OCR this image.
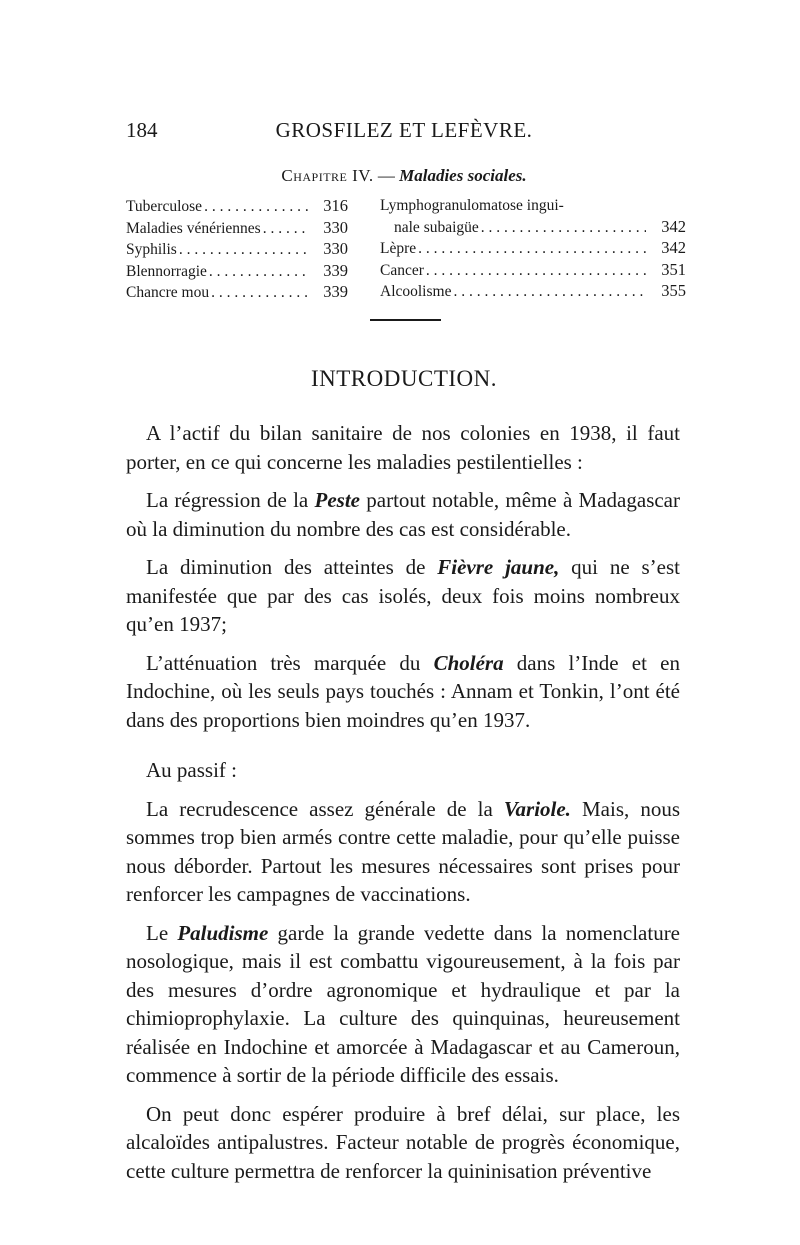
184	GROSFILEZ ET LEFÈVRE.
Chapitre IV. — Maladies sociales.
Tuberculose . . .	316
Maladies vénériennes . . .	330
Syphilis . . .	330
Blennorragie . . .	339
Chancre mou . . .	339
Lymphogranulomatose ingui-
nale subaigüe . . .	342
Lèpre . . .	342
Cancer . . .	351
Alcoolisme . . .	355
INTRODUCTION.

A l’actif du bilan sanitaire de nos colonies en 1938, il faut porter, en ce qui concerne les maladies pestilentielles :

La régression de la Peste partout notable, même à Madagascar où la diminution du nombre des cas est considérable.

La diminution des atteintes de Fièvre jaune, qui ne s’est manifestée que par des cas isolés, deux fois moins nombreux qu’en 1937;

L’atténuation très marquée du Choléra dans l’Inde et en Indochine, où les seuls pays touchés : Annam et Tonkin, l’ont été dans des proportions bien moindres qu’en 1937.

Au passif :

La recrudescence assez générale de la Variole. Mais, nous sommes trop bien armés contre cette maladie, pour qu’elle puisse nous déborder. Partout les mesures nécessaires sont prises pour renforcer les campagnes de vaccinations.

Le Paludisme garde la grande vedette dans la nomenclature nosologique, mais il est combattu vigoureusement, à la fois par des mesures d’ordre agronomique et hydraulique et par la chimioprophylaxie. La culture des quinquinas, heureusement réalisée en Indochine et amorcée à Madagascar et au Cameroun, commence à sortir de la période difficile des essais.

On peut donc espérer produire à bref délai, sur place, les alcaloïdes antipalustres. Facteur notable de progrès économique, cette culture permettra de renforcer la quininisation préventive
